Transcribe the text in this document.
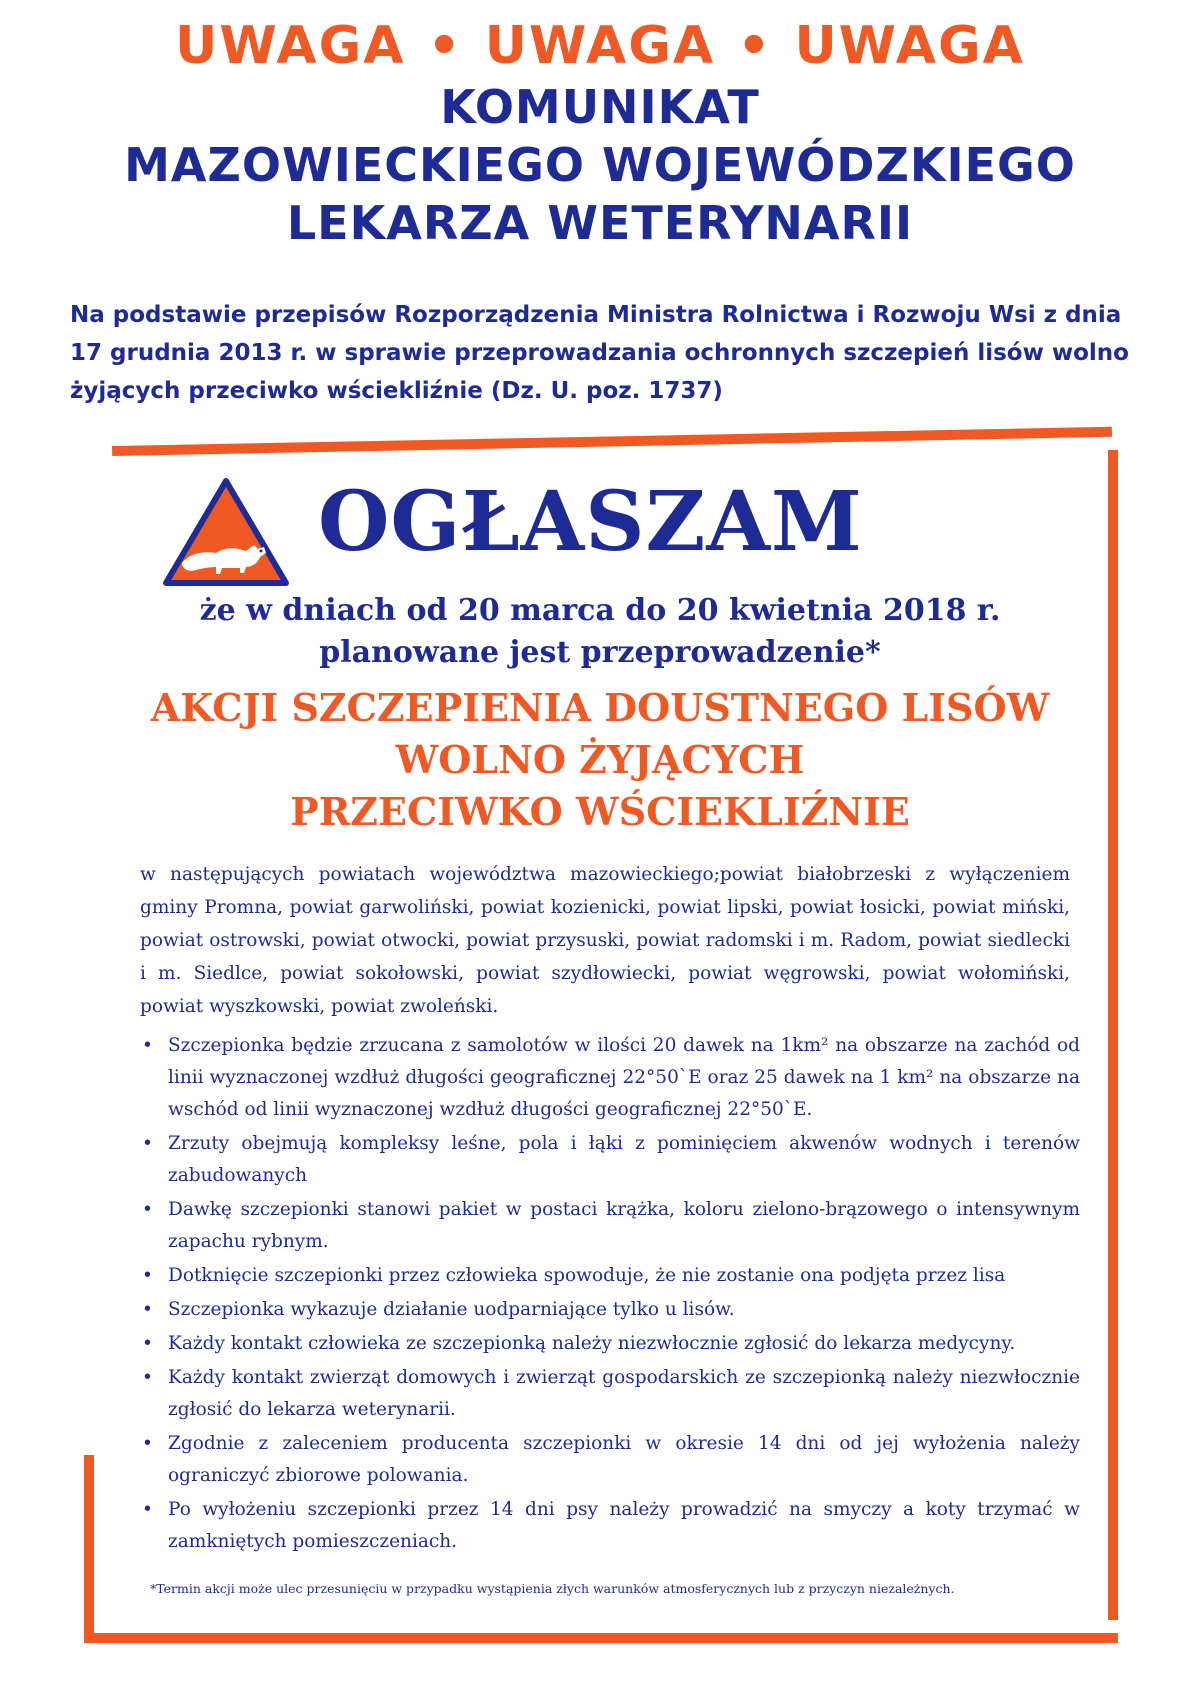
UWAGA • UWAGA • UWAGA

KOMUNIKAT

MAZOWIECKIEGO WOJEWÓDZKIEGO

LEKARZA WETERYNARII

Na podstawie przepisów Rozporządzenia Ministra Rolnictwa i Rozwoju Wsi z dnia 17 grudnia 2013 r. w sprawie przeprowadzania ochronnych szczepień lisów wolno żyjących przeciwko wściekliźnie (Dz. U. poz. 1737)

OGŁASZAM

że w dniach od 20 marca do 20 kwietnia 2018 r.
planowane jest przeprowadzenie*
AKCJI SZCZEPIENIA DOUSTNEGO LISÓW
WOLNO ŻYJĄCYCH
PRZECIWKO WŚCIEKLIŹNIE

w następujących powiatach województwa mazowieckiego;powiat białobrzeski z wyłączeniem gminy Promna, powiat garwoliński, powiat kozienicki, powiat lipski, powiat łosicki, powiat miński, powiat ostrowski, powiat otwocki, powiat przysuski, powiat radomski i m. Radom, powiat siedlecki i m. Siedlce, powiat sokołowski, powiat szydłowiecki, powiat węgrowski, powiat wołomiński, powiat wyszkowski, powiat zwoleński.

• Szczepionka będzie zrzucana z samolotów w ilości 20 dawek na 1km² na obszarze na zachód od linii wyznaczonej wzdłuż długości geograficznej 22°50`E oraz 25 dawek na 1 km² na obszarze na wschód od linii wyznaczonej wzdłuż długości geograficznej 22°50`E.
• Zrzuty obejmują kompleksy leśne, pola i łąki z pominięciem akwenów wodnych i terenów zabudowanych
• Dawkę szczepionki stanowi pakiet w postaci krążka, koloru zielono-brązowego o intensywnym zapachu rybnym.
• Dotknięcie szczepionki przez człowieka spowoduje, że nie zostanie ona podjęta przez lisa
• Szczepionka wykazuje działanie uodparniające tylko u lisów.
• Każdy kontakt człowieka ze szczepionką należy niezwłocznie zgłosić do lekarza medycyny.
• Każdy kontakt zwierząt domowych i zwierząt gospodarskich ze szczepionką należy niezwłocznie zgłosić do lekarza weterynarii.
• Zgodnie z zaleceniem producenta szczepionki w okresie 14 dni od jej wyłożenia należy ograniczyć zbiorowe polowania.
• Po wyłożeniu szczepionki przez 14 dni psy należy prowadzić na smyczy a koty trzymać w zamkniętych pomieszczeniach.

*Termin akcji może ulec przesunięciu w przypadku wystąpienia złych warunków atmosferycznych lub z przyczyn niezależnych.
